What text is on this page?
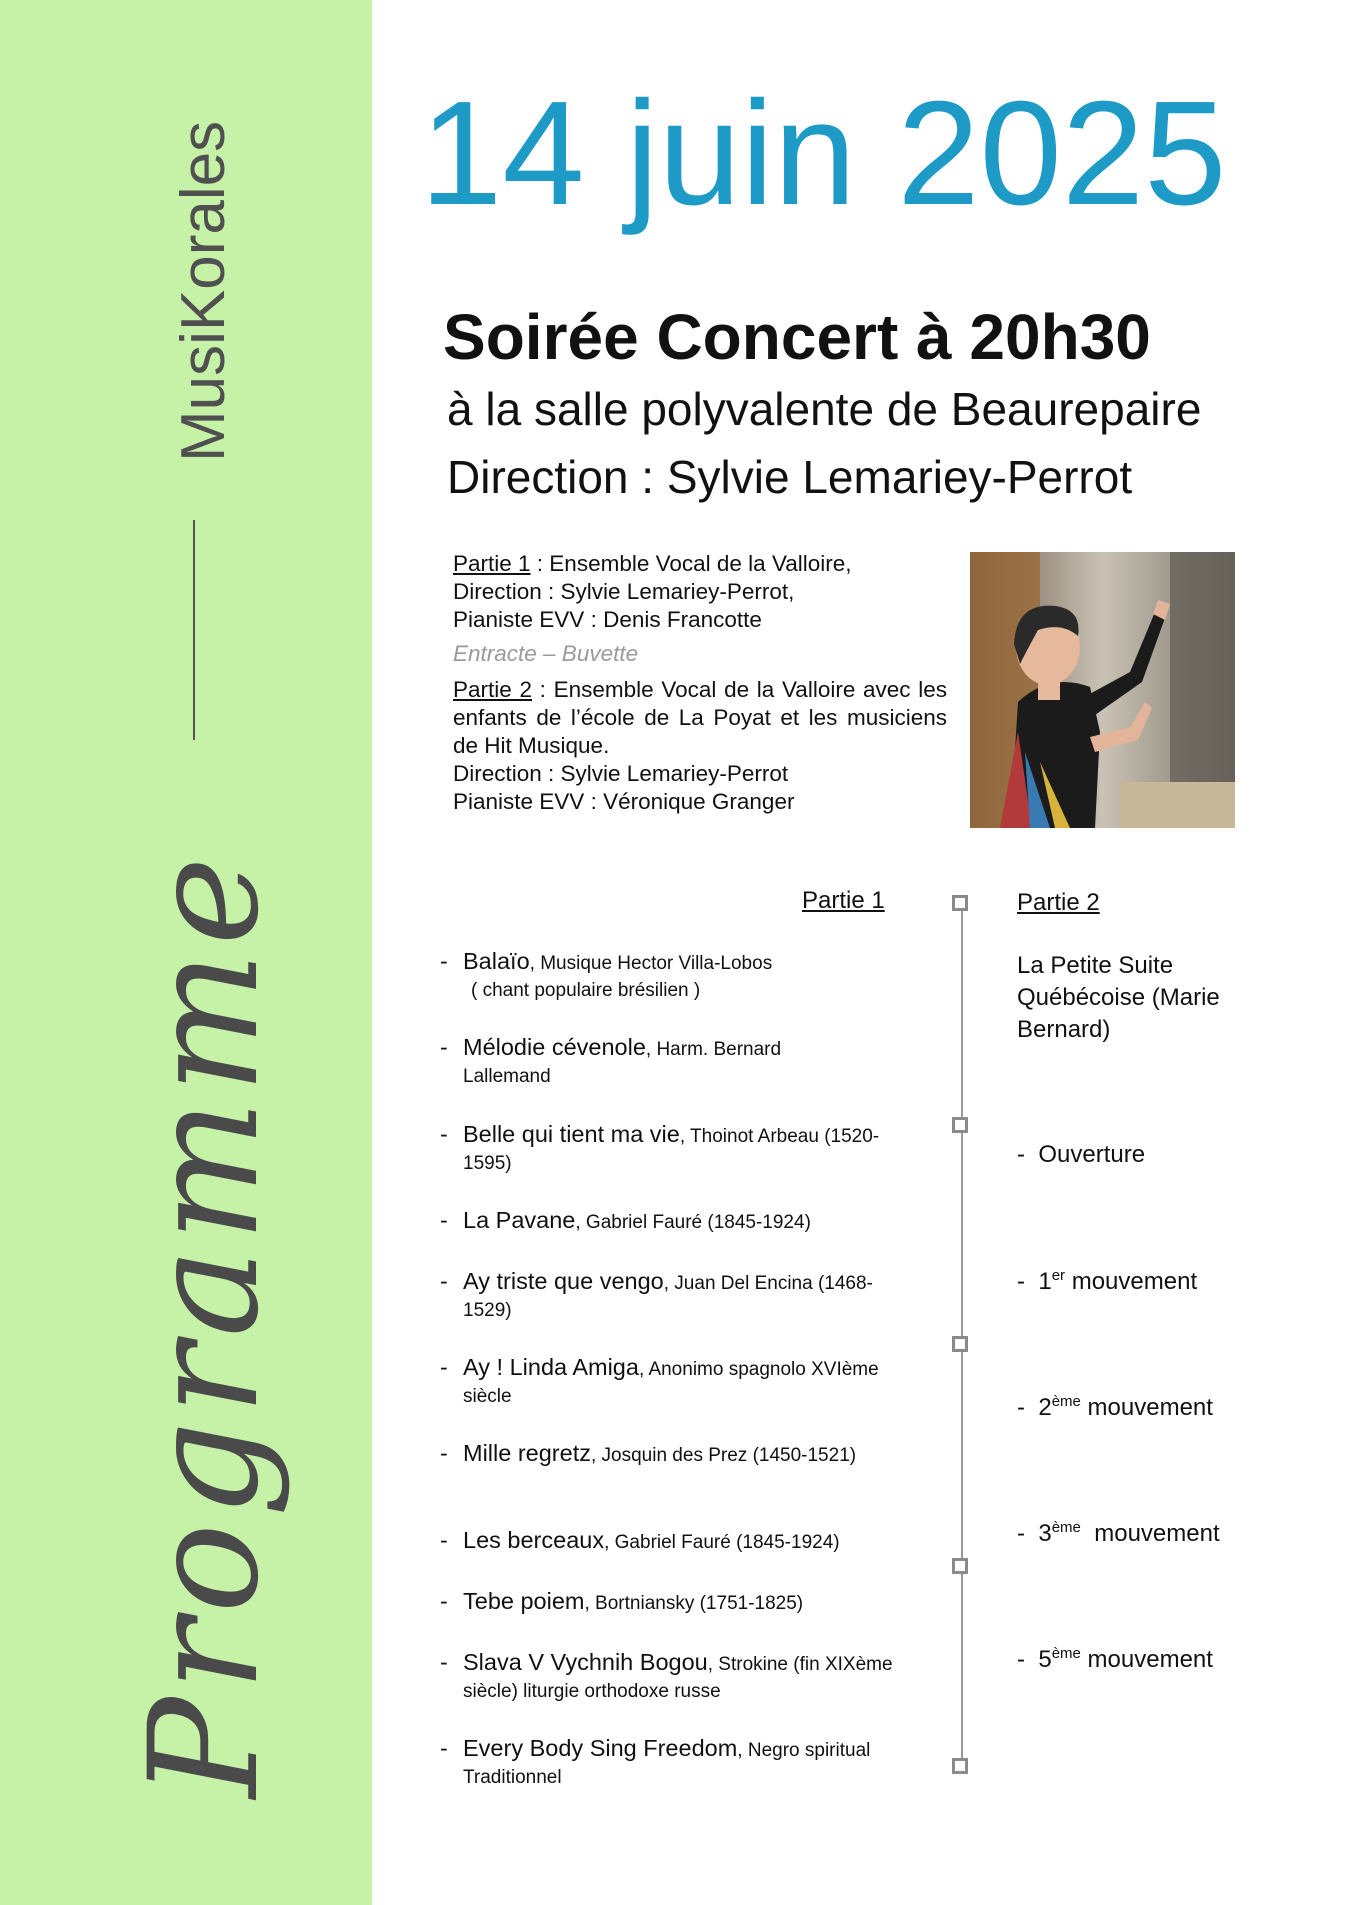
MusiKorales
Programme
14 juin 2025
Soirée Concert à 20h30
à la salle polyvalente de Beaurepaire
Direction : Sylvie Lemariey-Perrot
Partie 1 : Ensemble Vocal de la Valloire,
Direction : Sylvie Lemariey-Perrot,
Pianiste EVV : Denis Francotte
Entracte – Buvette
Partie 2 : Ensemble Vocal de la Valloire avec les enfants de l’école de La Poyat et les musiciens de Hit Musique.
Direction : Sylvie Lemariey-Perrot
Pianiste EVV : Véronique Granger
Partie 1	Partie 2
- Balaïo, Musique Hector Villa-Lobos
( chant populaire brésilien )
- Mélodie cévenole, Harm. Bernard Lallemand
- Belle qui tient ma vie, Thoinot Arbeau (1520-1595)
- La Pavane, Gabriel Fauré (1845-1924)
- Ay triste que vengo, Juan Del Encina (1468-1529)
- Ay ! Linda Amiga, Anonimo spagnolo XVIème siècle
- Mille regretz, Josquin des Prez (1450-1521)
- Les berceaux, Gabriel Fauré (1845-1924)
- Tebe poiem, Bortniansky (1751-1825)
- Slava V Vychnih Bogou, Strokine (fin XIXème siècle) liturgie orthodoxe russe
- Every Body Sing Freedom, Negro spiritual Traditionnel
La Petite Suite Québécoise (Marie Bernard)
- Ouverture
- 1er mouvement
- 2ème mouvement
- 3ème  mouvement
- 5ème mouvement
